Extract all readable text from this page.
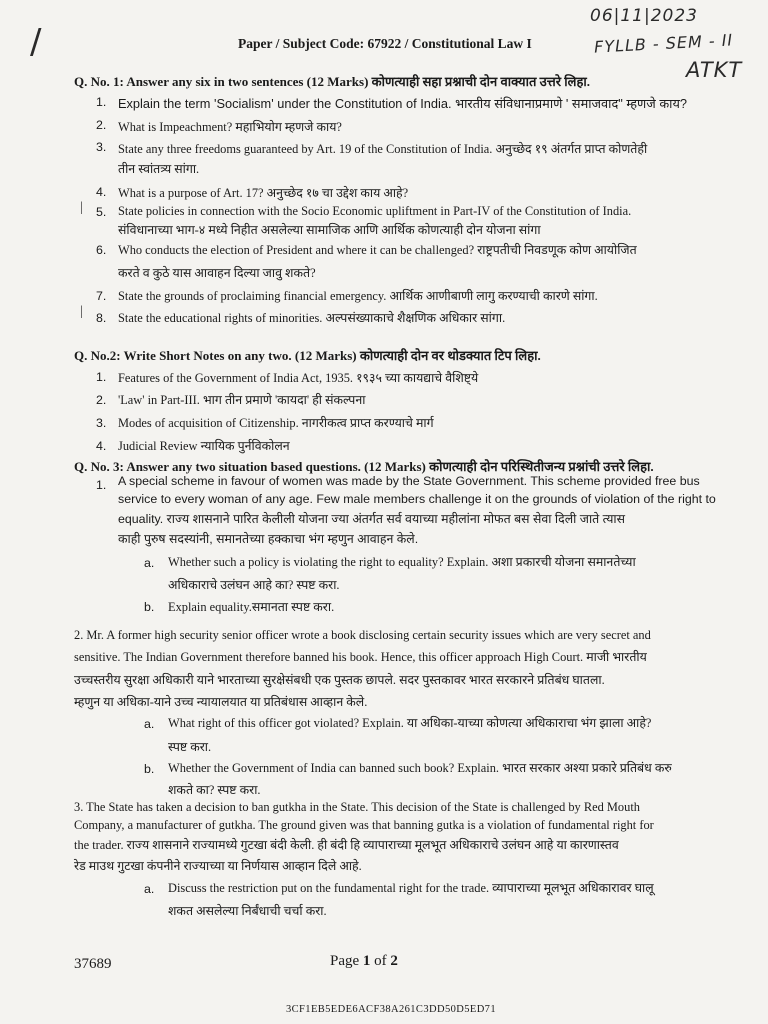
/
06|11|2023
FYLLB - SEM - II
ATKT
Paper / Subject Code: 67922 / Constitutional Law I
Q. No. 1: Answer any six in two sentences (12 Marks) कोणत्याही सहा प्रश्नाची दोन वाक्यात उत्तरे लिहा.
1. Explain the term 'Socialism' under the Constitution of India. भारतीय संविधानाप्रमाणे ' समाजवाद" म्हणजे काय?
2. What is Impeachment? महाभियोग म्हणजे काय?
3. State any three freedoms guaranteed by Art. 19 of the Constitution of India. अनुच्छेद १९ अंतर्गत प्राप्त कोणतेही
तीन स्वांतत्र्य सांगा.
4. What is a purpose of Art. 17? अनुच्छेद १७ चा उद्देश काय आहे?
| 5. State policies in connection with the Socio Economic upliftment in Part-IV of the Constitution of India.
संविधानाच्या भाग-४ मध्ये निहीत असलेल्या सामाजिक आणि आर्थिक कोणत्याही दोन योजना सांगा
6. Who conducts the election of President and where it can be challenged? राष्ट्रपतीची निवडणूक कोण आयोजित
करते व कुठे यास आवाहन दिल्या जावु शकते?
7. State the grounds of proclaiming financial emergency. आर्थिक आणीबाणी लागु करण्याची कारणे सांगा.
| 8. State the educational rights of minorities. अल्पसंख्याकाचे शैक्षणिक अधिकार सांगा.
Q. No.2: Write Short Notes on any two. (12 Marks) कोणत्याही दोन वर थोडक्यात टिप लिहा.
1. Features of the Government of India Act, 1935. १९३५ च्या कायद्याचे वैशिष्ट्ये
2. 'Law' in Part-III. भाग तीन प्रमाणे 'कायदा' ही संकल्पना
3. Modes of acquisition of Citizenship. नागरीकत्व प्राप्त करण्याचे मार्ग
4. Judicial Review न्यायिक पुर्नविकोलन
Q. No. 3: Answer any two situation based questions. (12 Marks) कोणत्याही दोन परिस्थितीजन्य प्रश्नांची उत्तरे लिहा.
1. A special scheme in favour of women was made by the State Government. This scheme provided free bus
service to every woman of any age. Few male members challenge it on the grounds of violation of the right to
equality. राज्य शासनाने पारित केलीली योजना ज्या अंतर्गत सर्व वयाच्या महीलांना मोफत बस सेवा दिली जाते त्यास
काही पुरुष सदस्यांनी, समानतेच्या हक्काचा भंग म्हणुन आवाहन केले.
a. Whether such a policy is violating the right to equality? Explain. अशा प्रकारची योजना समानतेच्या
अधिकाराचे उलंघन आहे का? स्पष्ट करा.
b. Explain equality.समानता स्पष्ट करा.
2. Mr. A former high security senior officer wrote a book disclosing certain security issues which are very secret and
sensitive. The Indian Government therefore banned his book. Hence, this officer approach High Court. माजी भारतीय
उच्चस्तरीय सुरक्षा अधिकारी याने भारताच्या सुरक्षेसंबधी एक पुस्तक छापले. सदर पुस्तकावर भारत सरकारने प्रतिबंध घातला.
म्हणुन या अधिका-याने उच्च न्यायालयात या प्रतिबंधास आव्हान केले.
a. What right of this officer got violated? Explain. या अधिका-याच्या कोणत्या अधिकाराचा भंग झाला आहे?
स्पष्ट करा.
b. Whether the Government of India can banned such book? Explain. भारत सरकार अश्या प्रकारे प्रतिबंध करु
शकते का? स्पष्ट करा.
3. The State has taken a decision to ban gutkha in the State. This decision of the State is challenged by Red Mouth
Company, a manufacturer of gutkha. The ground given was that banning gutka is a violation of fundamental right for
the trader. राज्य शासनाने राज्यामध्ये गुटखा बंदी केली. ही बंदी हि व्यापाराच्या मूलभूत अधिकाराचे उलंघन आहे या कारणास्तव
रेड माउथ गुटखा कंपनीने राज्याच्या या निर्णयास आव्हान दिले आहे.
a. Discuss the restriction put on the fundamental right for the trade. व्यापाराच्या मूलभूत अधिकारावर घालू
शकत असलेल्या निर्बंधाची चर्चा करा.
37689	Page 1 of 2
3CF1EB5EDE6ACF38A261C3DD50D5ED71
